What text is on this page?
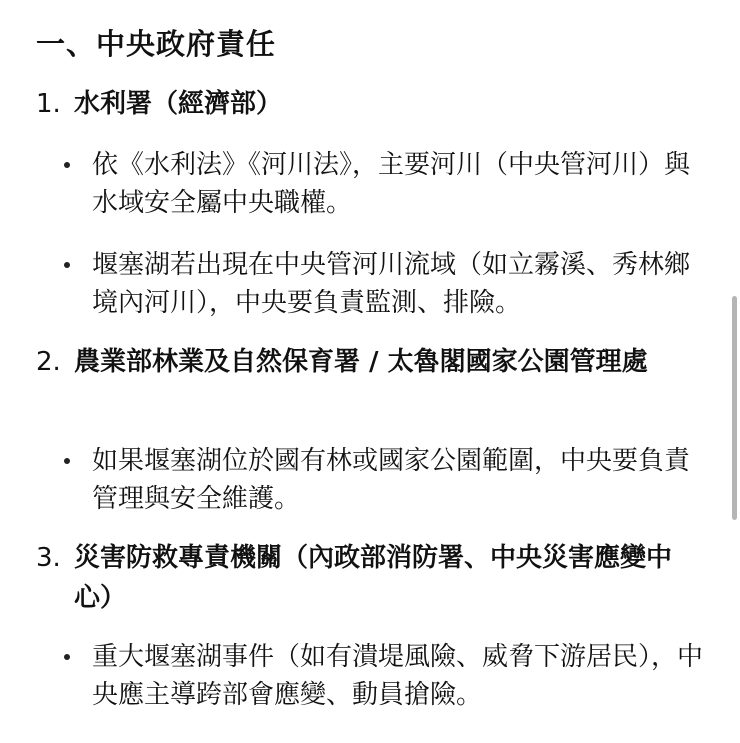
一、中央政府責任
1. 水利署（經濟部）
依《水利法》《河川法》，主要河川（中央管河川）與水域安全屬中央職權。
堰塞湖若出現在中央管河川流域（如立霧溪、秀林鄉境內河川），中央要負責監測、排險。
2. 農業部林業及自然保育署 / 太魯閣國家公園管理處
如果堰塞湖位於國有林或國家公園範圍，中央要負責管理與安全維護。
3. 災害防救專責機關（內政部消防署、中央災害應變中心）
重大堰塞湖事件（如有潰堤風險、威脅下游居民），中央應主導跨部會應變、動員搶險。
